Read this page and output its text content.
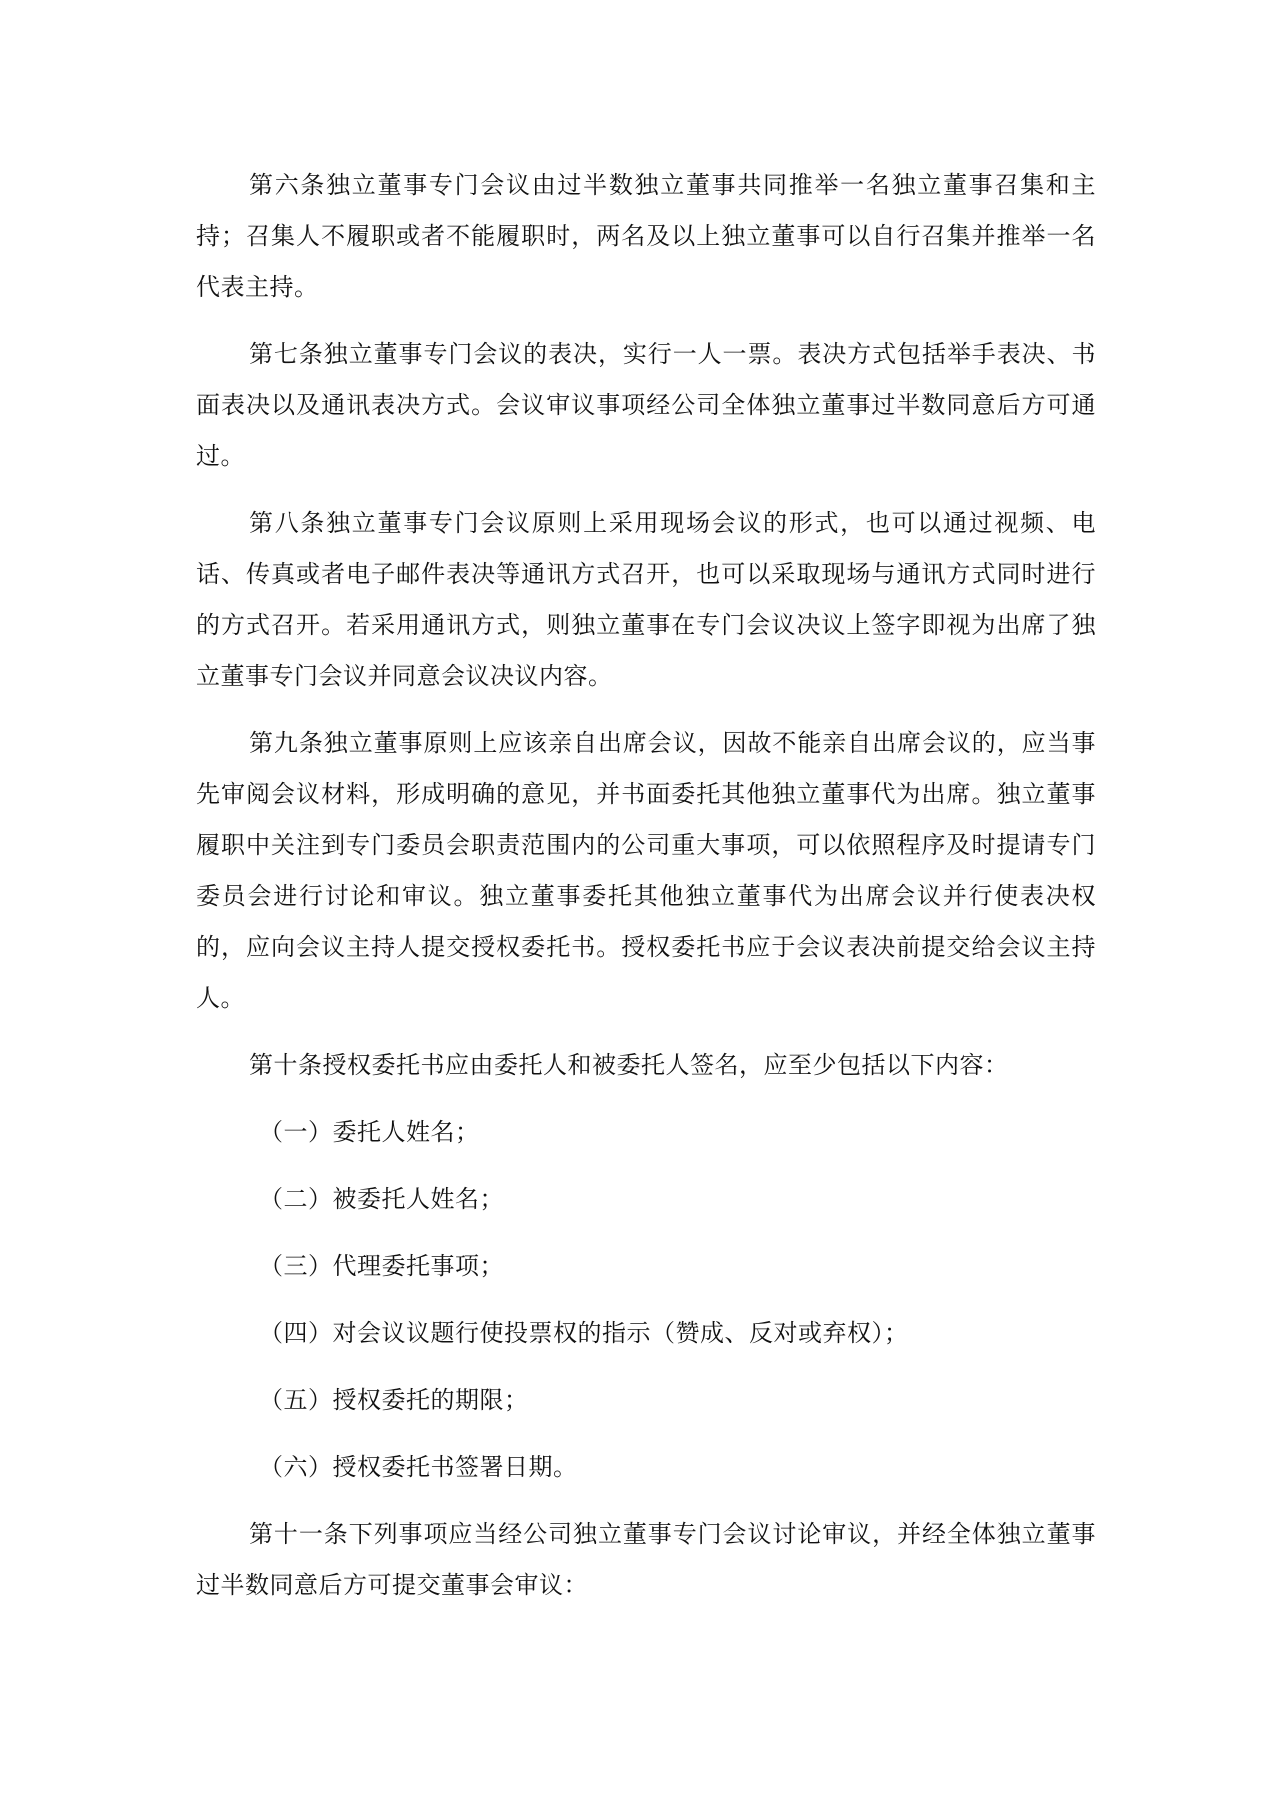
第六条独立董事专门会议由过半数独立董事共同推举一名独立董事召集和主持；召集人不履职或者不能履职时，两名及以上独立董事可以自行召集并推举一名代表主持。

第七条独立董事专门会议的表决，实行一人一票。表决方式包括举手表决、书面表决以及通讯表决方式。会议审议事项经公司全体独立董事过半数同意后方可通过。

第八条独立董事专门会议原则上采用现场会议的形式，也可以通过视频、电话、传真或者电子邮件表决等通讯方式召开，也可以采取现场与通讯方式同时进行的方式召开。若采用通讯方式，则独立董事在专门会议决议上签字即视为出席了独立董事专门会议并同意会议决议内容。

第九条独立董事原则上应该亲自出席会议，因故不能亲自出席会议的，应当事先审阅会议材料，形成明确的意见，并书面委托其他独立董事代为出席。独立董事履职中关注到专门委员会职责范围内的公司重大事项，可以依照程序及时提请专门委员会进行讨论和审议。独立董事委托其他独立董事代为出席会议并行使表决权的，应向会议主持人提交授权委托书。授权委托书应于会议表决前提交给会议主持人。

第十条授权委托书应由委托人和被委托人签名，应至少包括以下内容：

（一）委托人姓名；

（二）被委托人姓名；

（三）代理委托事项；

（四）对会议议题行使投票权的指示（赞成、反对或弃权）；

（五）授权委托的期限；

（六）授权委托书签署日期。

第十一条下列事项应当经公司独立董事专门会议讨论审议，并经全体独立董事过半数同意后方可提交董事会审议：
